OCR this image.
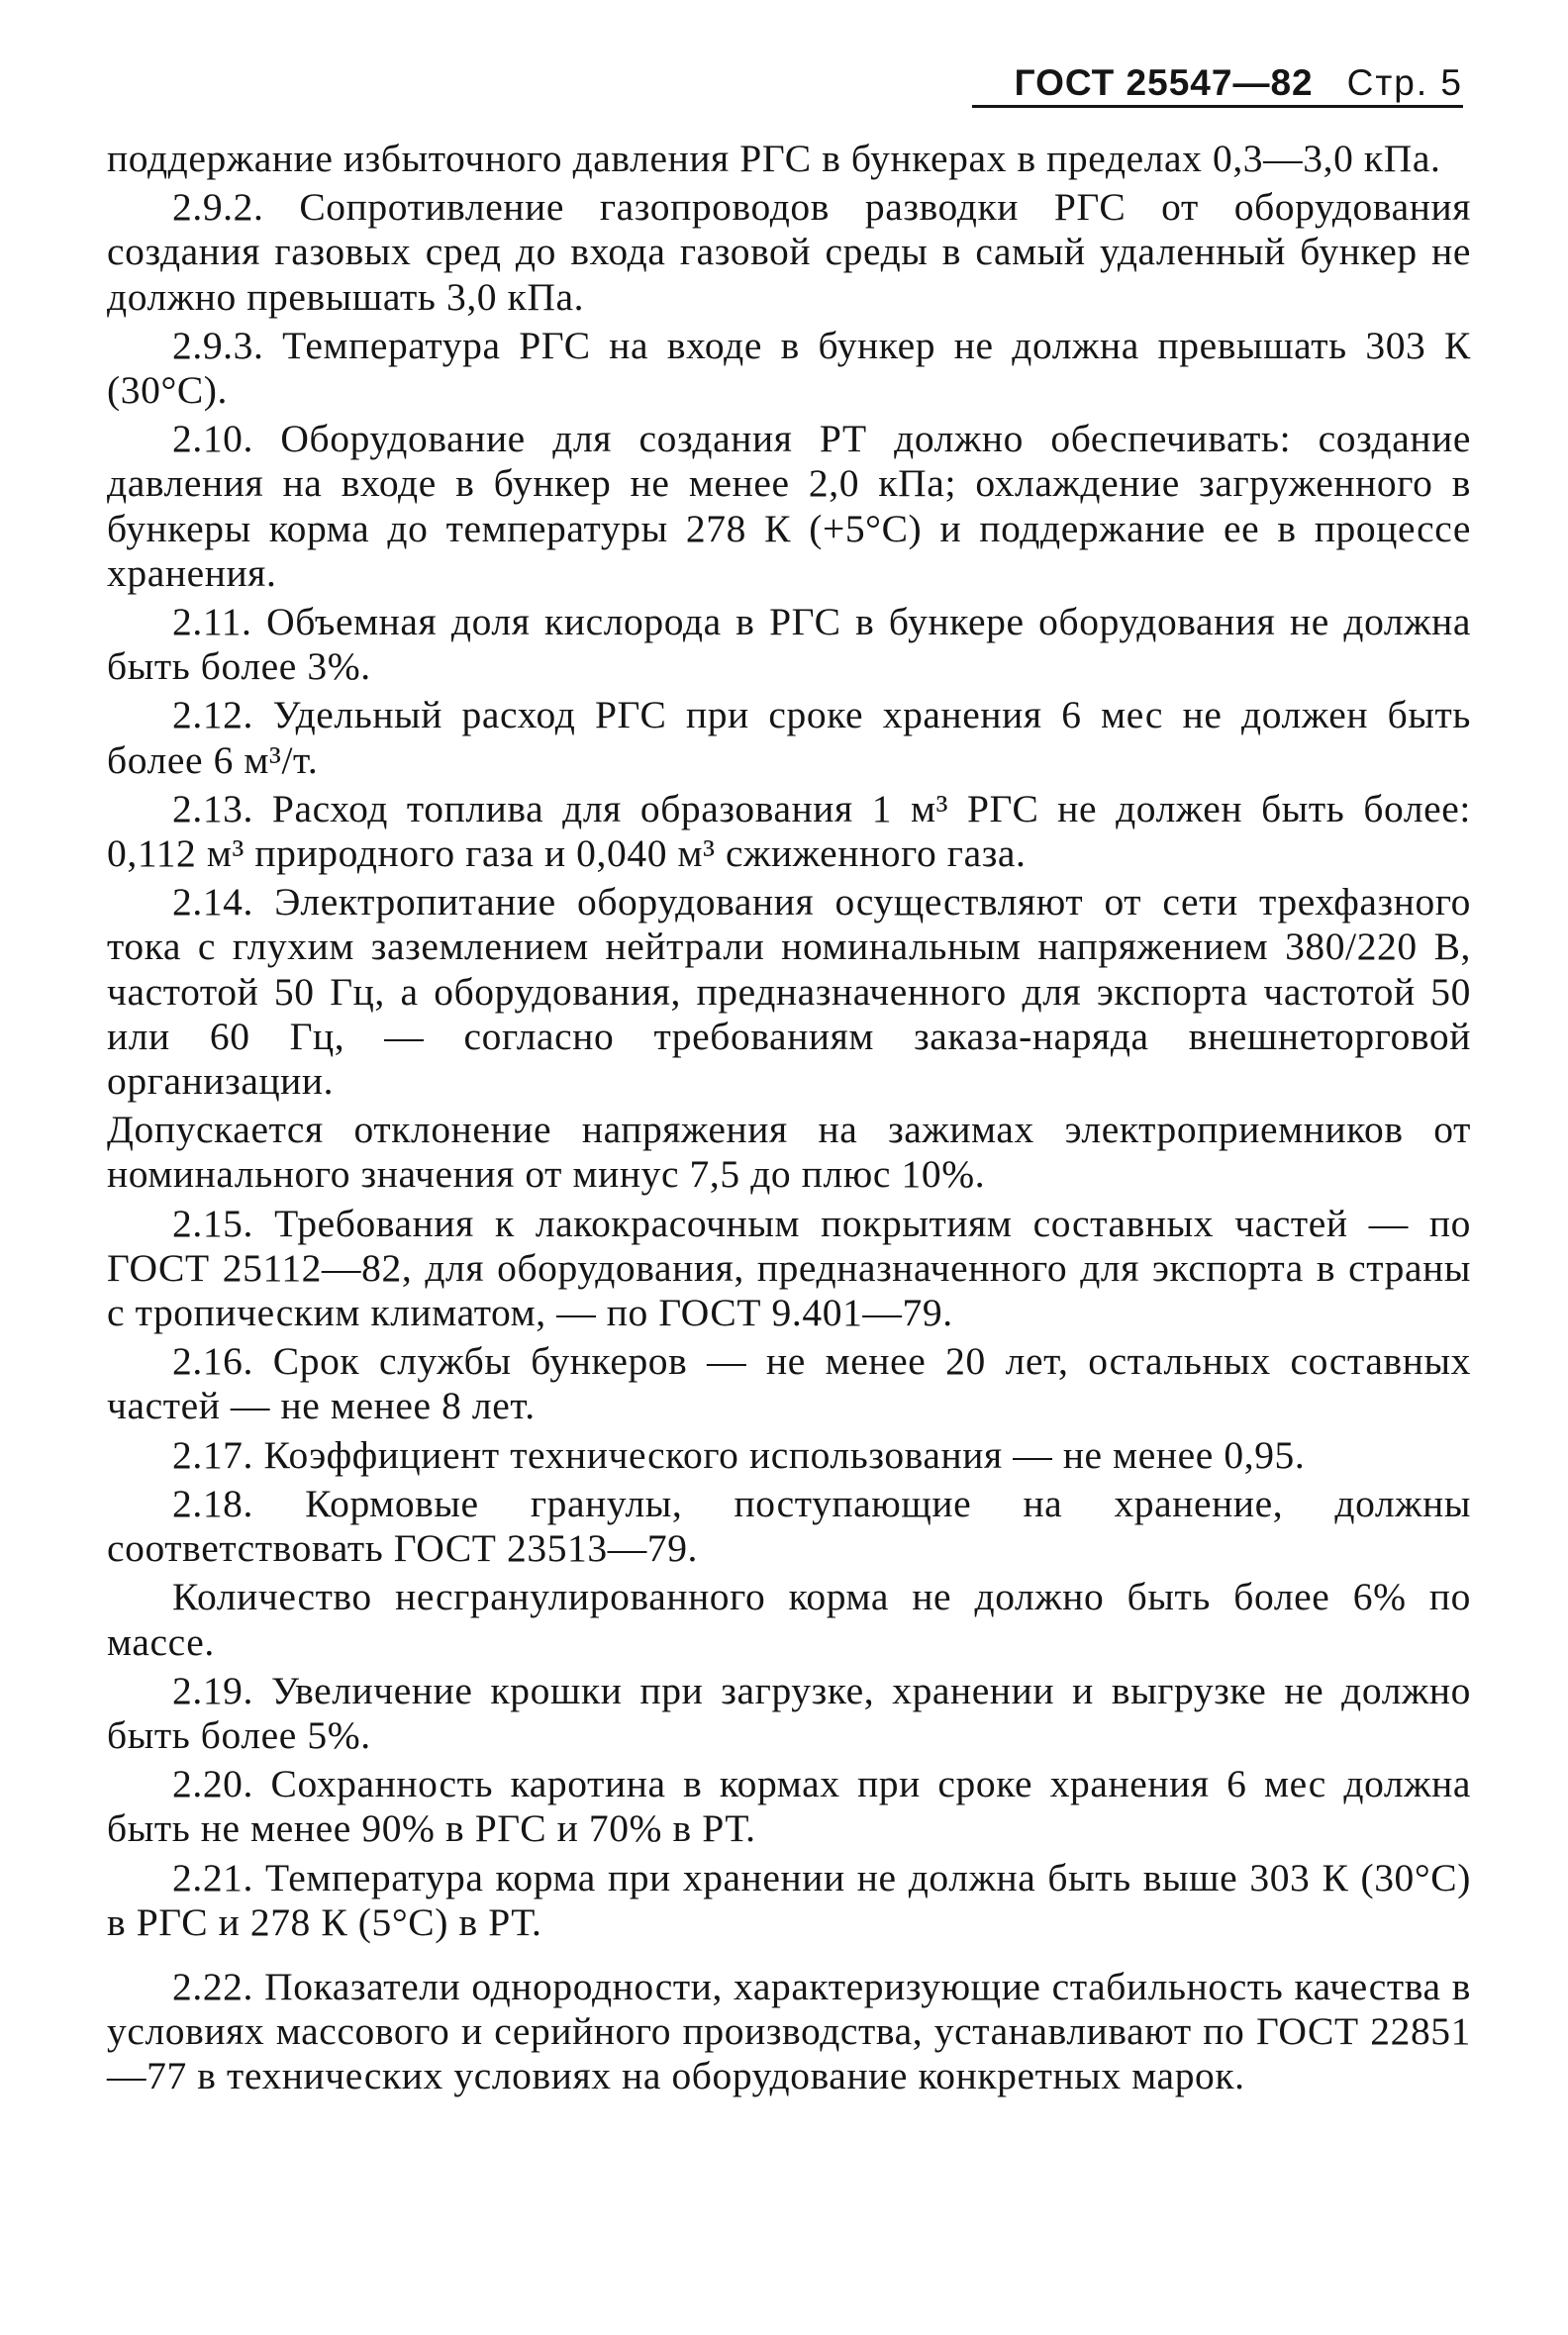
ГОСТ 25547—82 Стр. 5

поддержание избыточного давления РГС в бункерах в пределах 0,3—3,0 кПа.

2.9.2. Сопротивление газопроводов разводки РГС от оборудования создания газовых сред до входа газовой среды в самый удаленный бункер не должно превышать 3,0 кПа.

2.9.3. Температура РГС на входе в бункер не должна превышать 303 К (30°С).

2.10. Оборудование для создания РТ должно обеспечивать: создание давления на входе в бункер не менее 2,0 кПа; охлаждение загруженного в бункеры корма до температуры 278 К (+5°С) и поддержание ее в процессе хранения.

2.11. Объемная доля кислорода в РГС в бункере оборудования не должна быть более 3%.

2.12. Удельный расход РГС при сроке хранения 6 мес не должен быть более 6 м³/т.

2.13. Расход топлива для образования 1 м³ РГС не должен быть более: 0,112 м³ природного газа и 0,040 м³ сжиженного газа.

2.14. Электропитание оборудования осуществляют от сети трехфазного тока с глухим заземлением нейтрали номинальным напряжением 380/220 В, частотой 50 Гц, а оборудования, предназначенного для экспорта частотой 50 или 60 Гц, — согласно требованиям заказа-наряда внешнеторговой организации.

Допускается отклонение напряжения на зажимах электроприемников от номинального значения от минус 7,5 до плюс 10%.

2.15. Требования к лакокрасочным покрытиям составных частей — по ГОСТ 25112—82, для оборудования, предназначенного для экспорта в страны с тропическим климатом, — по ГОСТ 9.401—79.

2.16. Срок службы бункеров — не менее 20 лет, остальных составных частей — не менее 8 лет.

2.17. Коэффициент технического использования — не менее 0,95.

2.18. Кормовые гранулы, поступающие на хранение, должны соответствовать ГОСТ 23513—79.

Количество несгранулированного корма не должно быть более 6% по массе.

2.19. Увеличение крошки при загрузке, хранении и выгрузке не должно быть более 5%.

2.20. Сохранность каротина в кормах при сроке хранения 6 мес должна быть не менее 90% в РГС и 70% в РТ.

2.21. Температура корма при хранении не должна быть выше 303 К (30°С) в РГС и 278 К (5°С) в РТ.

2.22. Показатели однородности, характеризующие стабильность качества в условиях массового и серийного производства, устанавливают по ГОСТ 22851—77 в технических условиях на оборудование конкретных марок.
